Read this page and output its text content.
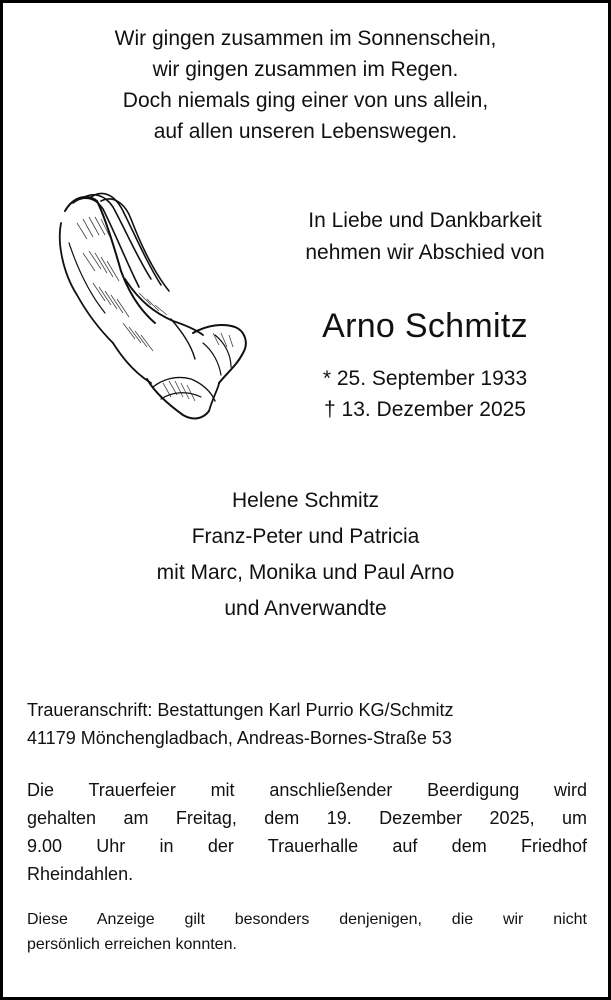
Wir gingen zusammen im Sonnenschein,
wir gingen zusammen im Regen.
Doch niemals ging einer von uns allein,
auf allen unseren Lebenswegen.
In Liebe und Dankbarkeit
nehmen wir Abschied von
Arno Schmitz
* 25. September 1933
† 13. Dezember 2025
Helene Schmitz
Franz-Peter und Patricia
mit Marc, Monika und Paul Arno
und Anverwandte
Traueranschrift: Bestattungen Karl Purrio KG/Schmitz
41179 Mönchengladbach, Andreas-Bornes-Straße 53
Die Trauerfeier mit anschließender Beerdigung wird
gehalten am Freitag, dem 19. Dezember 2025, um
9.00 Uhr in der Trauerhalle auf dem Friedhof
Rheindahlen.
Diese Anzeige gilt besonders denjenigen, die wir nicht
persönlich erreichen konnten.
